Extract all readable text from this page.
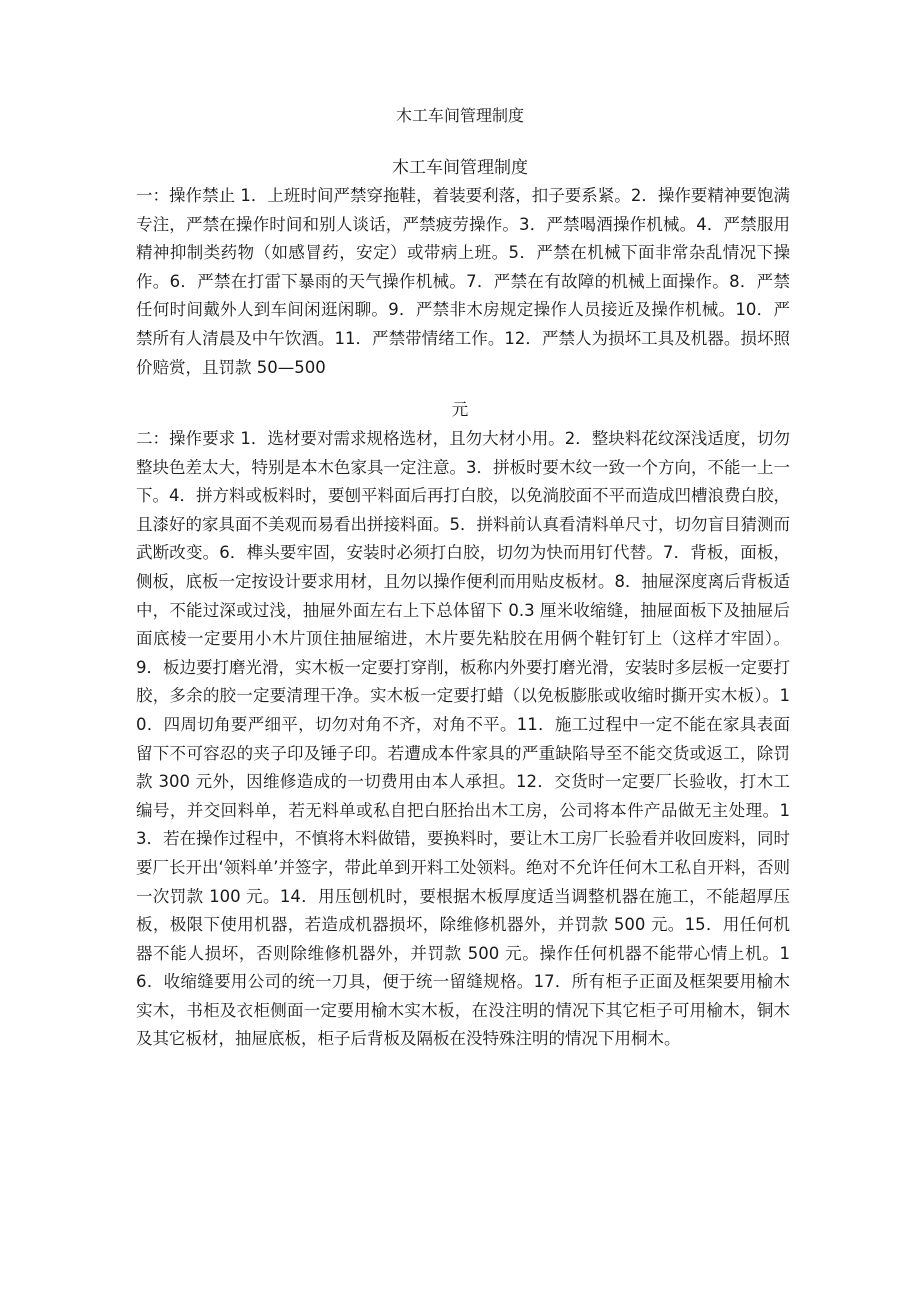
木工车间管理制度
木工车间管理制度

一：操作禁止 1．上班时间严禁穿拖鞋，着装要利落，扣子要系紧。2．操作要精神要饱满专注，严禁在操作时间和别人谈话，严禁疲劳操作。3．严禁喝酒操作机械。4．严禁服用精神抑制类药物（如感冒药，安定）或带病上班。5．严禁在机械下面非常杂乱情况下操作。6．严禁在打雷下暴雨的天气操作机械。7．严禁在有故障的机械上面操作。8．严禁任何时间戴外人到车间闲逛闲聊。9．严禁非木房规定操作人员接近及操作机械。10．严禁所有人清晨及中午饮酒。11．严禁带情绪工作。12．严禁人为损坏工具及机器。损坏照价赔赏，且罚款 50—500

元

二：操作要求 1．选材要对需求规格选材，且勿大材小用。2．整块料花纹深浅适度，切勿整块色差太大，特别是本木色家具一定注意。3．拼板时要木纹一致一个方向，不能一上一下。4．拼方料或板料时，要刨平料面后再打白胶，以免淌胶面不平而造成凹槽浪费白胶，且漆好的家具面不美观而易看出拼接料面。5．拼料前认真看清料单尺寸，切勿盲目猜测而武断改变。6．榫头要牢固，安装时必须打白胶，切勿为快而用钉代替。7．背板，面板，侧板，底板一定按设计要求用材，且勿以操作便利而用贴皮板材。8．抽屉深度离后背板适中，不能过深或过浅，抽屉外面左右上下总体留下 0.3 厘米收缩缝，抽屉面板下及抽屉后面底棱一定要用小木片顶住抽屉缩进，木片要先粘胶在用俩个鞋钉钉上（这样才牢固）。9．板边要打磨光滑，实木板一定要打穿削，板称内外要打磨光滑，安装时多层板一定要打胶，多余的胶一定要清理干净。实木板一定要打蜡（以免板膨胀或收缩时撕开实木板）。10．四周切角要严细平，切勿对角不齐，对角不平。11．施工过程中一定不能在家具表面留下不可容忍的夹子印及锤子印。若遭成本件家具的严重缺陷导至不能交货或返工，除罚款 300 元外，因维修造成的一切费用由本人承担。12．交货时一定要厂长验收，打木工编号，并交回料单，若无料单或私自把白胚抬出木工房，公司将本件产品做无主处理。13．若在操作过程中，不慎将木料做错，要换料时，要让木工房厂长验看并收回废料，同时要厂长开出‘领料单’并签字，带此单到开料工处领料。绝对不允许任何木工私自开料，否则一次罚款 100 元。14．用压刨机时，要根据木板厚度适当调整机器在施工，不能超厚压板，极限下使用机器，若造成机器损坏，除维修机器外，并罚款 500 元。15．用任何机器不能人损坏，否则除维修机器外，并罚款 500 元。操作任何机器不能带心情上机。16．收缩缝要用公司的统一刀具，便于统一留缝规格。17．所有柜子正面及框架要用榆木实木，书柜及衣柜侧面一定要用榆木实木板，在没注明的情况下其它柜子可用榆木，铜木及其它板材，抽屉底板，柜子后背板及隔板在没特殊注明的情况下用桐木。
